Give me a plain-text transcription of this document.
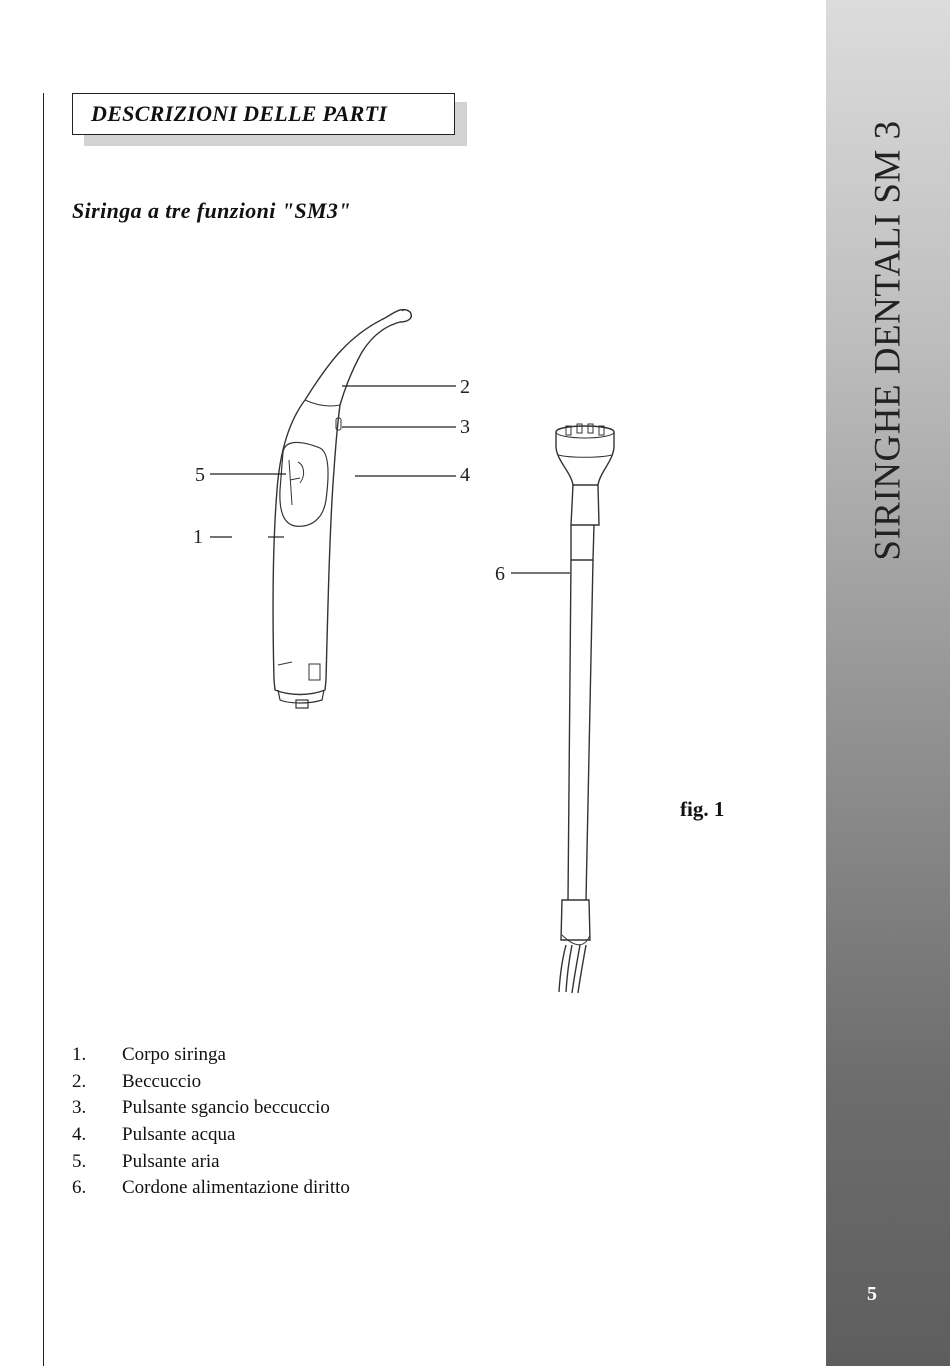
DESCRIZIONI DELLE PARTI
Siringa a tre funzioni "SM3"
1
2
3
4
5
6

fig. 1

1.	Corpo siringa
2.	Beccuccio
3.	Pulsante sgancio beccuccio
4.	Pulsante acqua
5.	Pulsante aria
6.	Cordone alimentazione diritto
SIRINGHE DENTALI SM 3
5
